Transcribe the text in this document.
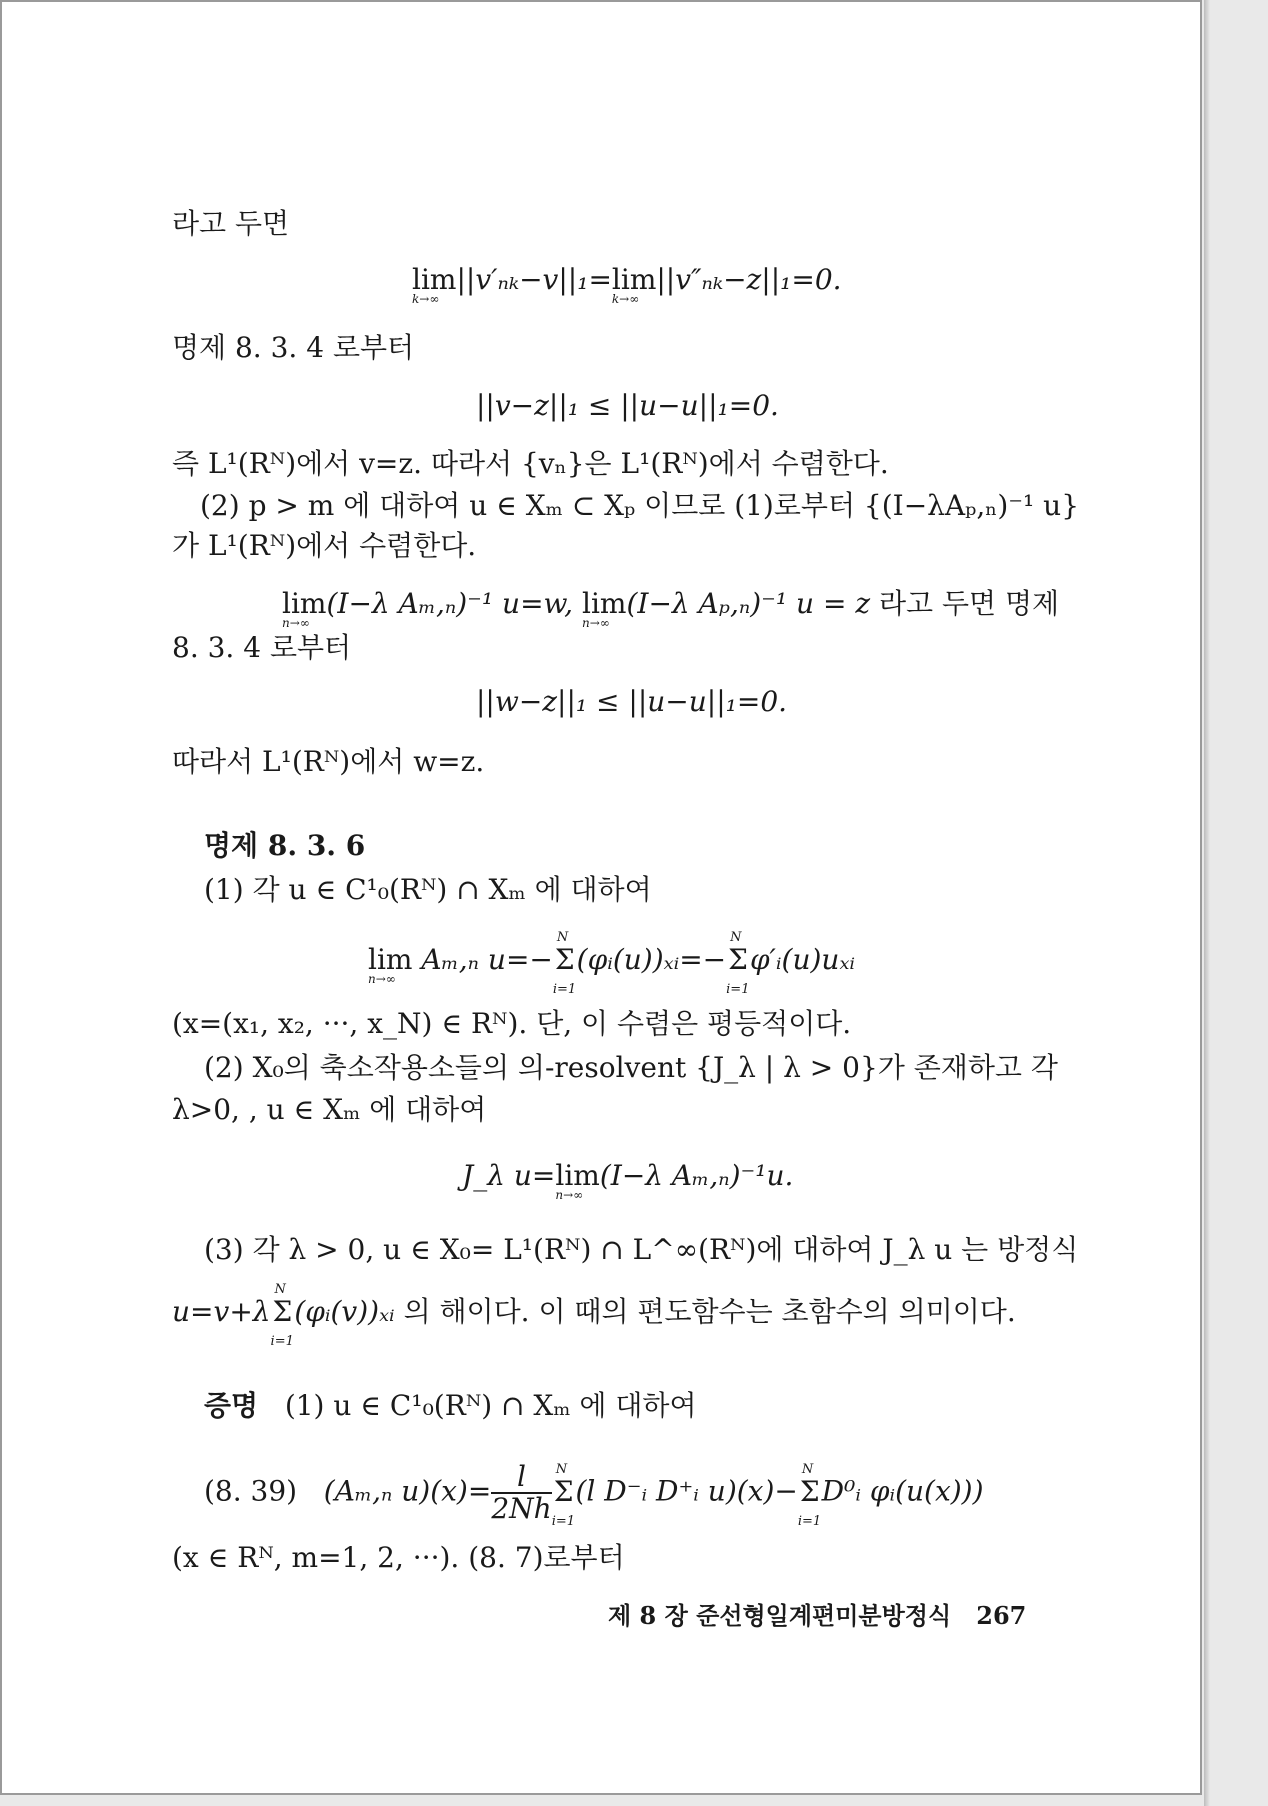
라고 두면
lim
k→∞
||v′ₙₖ−v||₁=lim
k→∞
||v″ₙₖ−z||₁=0.
명제 8. 3. 4 로부터
||v−z||₁ ≤ ||u−u||₁=0.
즉 L¹(Rᴺ)에서 v=z. 따라서 {vₙ}은 L¹(Rᴺ)에서 수렴한다.
(2) p > m 에 대하여 u ∈ Xₘ ⊂ Xₚ 이므로 (1)로부터 {(I−λAₚ,ₙ)⁻¹ u}
가 L¹(Rᴺ)에서 수렴한다.
lim
n→∞
(I−λ Aₘ,ₙ)⁻¹ u=w, lim
n→∞
(I−λ Aₚ,ₙ)⁻¹ u = z 라고 두면 명제
8. 3. 4 로부터
||w−z||₁ ≤ ||u−u||₁=0.
따라서 L¹(Rᴺ)에서 w=z.
명제 8. 3. 6
(1) 각 u ∈ C¹₀(Rᴺ) ∩ Xₘ 에 대하여
lim
n→∞
Aₘ,ₙ u=−Σ
N
i=1
(φᵢ(u))ₓᵢ=−Σ
N
i=1
φ′ᵢ(u)uₓᵢ
(x=(x₁, x₂, ···, x_N) ∈ Rᴺ). 단, 이 수렴은 평등적이다.
(2) X₀의 축소작용소들의 의-resolvent {J_λ | λ > 0}가 존재하고 각
λ>0, , u ∈ Xₘ 에 대하여
J_λ u=lim
n→∞
(I−λ Aₘ,ₙ)⁻¹u.
(3) 각 λ > 0, u ∈ X₀= L¹(Rᴺ) ∩ L^∞(Rᴺ)에 대하여 J_λ u 는 방정식
u=v+λΣ
N
i=1
(φᵢ(v))ₓᵢ 의 해이다. 이 때의 편도함수는 초함수의 의미이다.
증명 (1) u ∈ C¹₀(Rᴺ) ∩ Xₘ 에 대하여
(8. 39) (Aₘ,ₙ $u)(x)= \frac{l}{2Nh}$ Σ
N
i=1
(l D⁻ᵢ D⁺ᵢ u)(x)−Σ
N
i=1
D⁰ᵢ φᵢ(u(x)))
(x ∈ Rᴺ, m=1, 2, ···). (8. 7)로부터
제 8 장 준선형일계편미분방정식 267
